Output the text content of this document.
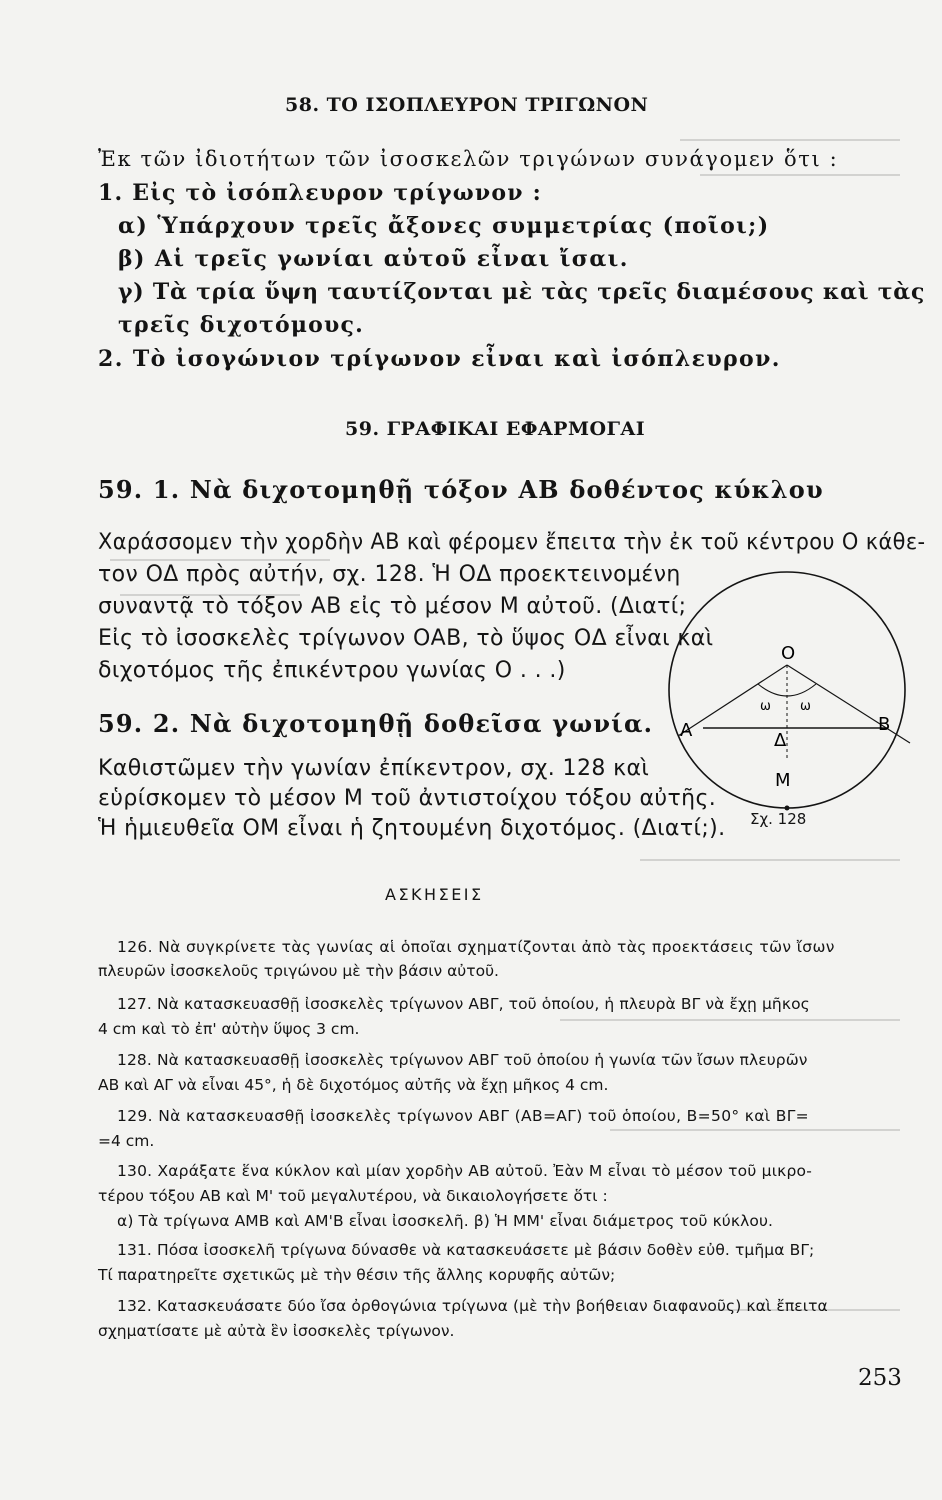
58. ΤΟ ΙΣΟΠΛΕΥΡΟΝ ΤΡΙΓΩΝΟΝ
Ἐκ τῶν ἰδιοτήτων τῶν ἰσοσκελῶν τριγώνων συνάγομεν ὅτι :
1. Εἰς τὸ ἰσόπλευρον τρίγωνον :
α) Ὑπάρχουν τρεῖς ἄξονες συμμετρίας (ποῖοι;)
β) Αἱ τρεῖς γωνίαι αὐτοῦ εἶναι ἴσαι.
γ) Τὰ τρία ὕψη ταυτίζονται μὲ τὰς τρεῖς διαμέσους καὶ τὰς
τρεῖς διχοτόμους.
2. Τὸ ἰσογώνιον τρίγωνον εἶναι καὶ ἰσόπλευρον.
59. ΓΡΑΦΙΚΑΙ ΕΦΑΡΜΟΓΑΙ
59. 1. Νὰ διχοτομηθῇ τόξον ΑΒ δοθέντος κύκλου
Χαράσσομεν τὴν χορδὴν ΑΒ καὶ φέρομεν ἔπειτα τὴν ἐκ τοῦ κέντρου Ο κάθε-
τον ΟΔ πρὸς αὐτήν, σχ. 128. Ἡ ΟΔ προεκτεινομένη
συναντᾷ τὸ τόξον ΑΒ εἰς τὸ μέσον Μ αὐτοῦ. (Διατί;
Εἰς τὸ ἰσοσκελὲς τρίγωνον ΟΑΒ, τὸ ὕψος ΟΔ εἶναι καὶ
διχοτόμος τῆς ἐπικέντρου γωνίας Ο . . .)
59. 2. Νὰ διχοτομηθῇ δοθεῖσα γωνία.
Καθιστῶμεν τὴν γωνίαν ἐπίκεντρον, σχ. 128 καὶ
εὑρίσκομεν τὸ μέσον Μ τοῦ ἀντιστοίχου τόξου αὐτῆς.
Ἡ ἡμιευθεῖα ΟΜ εἶναι ἡ ζητουμένη διχοτόμος. (Διατί;).
Ο
Α	Β
Δ
Μ
ω ω
Σχ. 128
ΑΣΚΗΣΕΙΣ
126. Νὰ συγκρίνετε τὰς γωνίας αἱ ὁποῖαι σχηματίζονται ἀπὸ τὰς προεκτάσεις τῶν ἴσων
πλευρῶν ἰσοσκελοῦς τριγώνου μὲ τὴν βάσιν αὐτοῦ.
127. Νὰ κατασκευασθῇ ἰσοσκελὲς τρίγωνον ΑΒΓ, τοῦ ὁποίου, ἡ πλευρὰ ΒΓ νὰ ἔχῃ μῆκος
4 cm καὶ τὸ ἐπ' αὐτὴν ὕψος 3 cm.
128. Νὰ κατασκευασθῇ ἰσοσκελὲς τρίγωνον ΑΒΓ τοῦ ὁποίου ἡ γωνία τῶν ἴσων πλευρῶν
ΑΒ καὶ ΑΓ νὰ εἶναι 45°, ἡ δὲ διχοτόμος αὐτῆς νὰ ἔχῃ μῆκος 4 cm.
129. Νὰ κατασκευασθῇ ἰσοσκελὲς τρίγωνον ΑΒΓ (ΑΒ=ΑΓ) τοῦ ὁποίου, Β=50° καὶ ΒΓ=
=4 cm.
130. Χαράξατε ἕνα κύκλον καὶ μίαν χορδὴν ΑΒ αὐτοῦ. Ἐὰν Μ εἶναι τὸ μέσον τοῦ μικρο-
τέρου τόξου ΑΒ καὶ Μ' τοῦ μεγαλυτέρου, νὰ δικαιολογήσετε ὅτι :
α) Τὰ τρίγωνα ΑΜΒ καὶ ΑΜ'Β εἶναι ἰσοσκελῆ. β) Ἡ ΜΜ' εἶναι διάμετρος τοῦ κύκλου.
131. Πόσα ἰσοσκελῆ τρίγωνα δύνασθε νὰ κατασκευάσετε μὲ βάσιν δοθὲν εὐθ. τμῆμα ΒΓ;
Τί παρατηρεῖτε σχετικῶς μὲ τὴν θέσιν τῆς ἄλλης κορυφῆς αὐτῶν;
132. Κατασκευάσατε δύο ἴσα ὀρθογώνια τρίγωνα (μὲ τὴν βοήθειαν διαφανοῦς) καὶ ἔπειτα
σχηματίσατε μὲ αὐτὰ ἓν ἰσοσκελὲς τρίγωνον.
253
